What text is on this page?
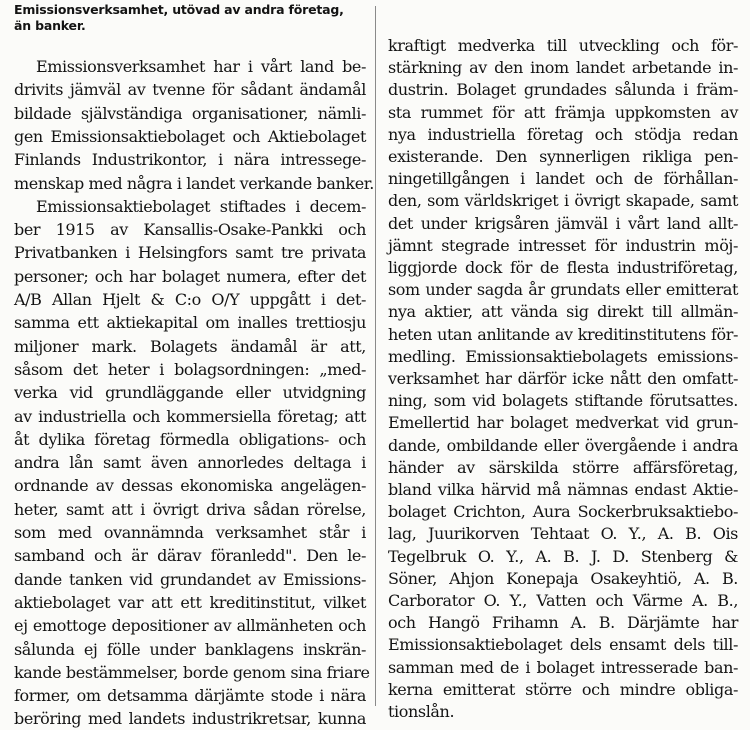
Emissionsverksamhet, utövad av andra företag,
än banker.
Emissionsverksamhet har i vårt land be-
drivits jämväl av tvenne för sådant ändamål
bildade självständiga organisationer, nämli-
gen Emissionsaktiebolaget och Aktiebolaget
Finlands Industrikontor, i nära intressege-
menskap med några i landet verkande banker.
Emissionsaktiebolaget stiftades i decem-
ber 1915 av Kansallis-Osake-Pankki och
Privatbanken i Helsingfors samt tre privata
personer; och har bolaget numera, efter det
A/B Allan Hjelt & C:o O/Y uppgått i det-
samma ett aktiekapital om inalles trettiosju
miljoner mark. Bolagets ändamål är att,
såsom det heter i bolagsordningen: „med-
verka vid grundläggande eller utvidgning
av industriella och kommersiella företag; att
åt dylika företag förmedla obligations- och
andra lån samt även annorledes deltaga i
ordnande av dessas ekonomiska angelägen-
heter, samt att i övrigt driva sådan rörelse,
som med ovannämnda verksamhet står i
samband och är därav föranledd". Den le-
dande tanken vid grundandet av Emissions-
aktiebolaget var att ett kreditinstitut, vilket
ej emottoge depositioner av allmänheten och
sålunda ej fölle under banklagens inskrän-
kande bestämmelser, borde genom sina friare
former, om detsamma därjämte stode i nära
beröring med landets industrikretsar, kunna
kraftigt medverka till utveckling och för-
stärkning av den inom landet arbetande in-
dustrin. Bolaget grundades sålunda i främ-
sta rummet för att främja uppkomsten av
nya industriella företag och stödja redan
existerande. Den synnerligen rikliga pen-
ningetillgången i landet och de förhållan-
den, som världskriget i övrigt skapade, samt
det under krigsåren jämväl i vårt land allt-
jämnt stegrade intresset för industrin möj-
liggjorde dock för de flesta industriföretag,
som under sagda år grundats eller emitterat
nya aktier, att vända sig direkt till allmän-
heten utan anlitande av kreditinstitutens för-
medling. Emissionsaktiebolagets emissions-
verksamhet har därför icke nått den omfatt-
ning, som vid bolagets stiftande förutsattes.
Emellertid har bolaget medverkat vid grun-
dande, ombildande eller övergående i andra
händer av särskilda större affärsföretag,
bland vilka härvid må nämnas endast Aktie-
bolaget Crichton, Aura Sockerbruksaktiebo-
lag, Juurikorven Tehtaat O. Y., A. B. Ois
Tegelbruk O. Y., A. B. J. D. Stenberg &
Söner, Ahjon Konepaja Osakeyhtiö, A. B.
Carborator O. Y., Vatten och Värme A. B.,
och Hangö Frihamn A. B. Därjämte har
Emissionsaktiebolaget dels ensamt dels till-
samman med de i bolaget intresserade ban-
kerna emitterat större och mindre obliga-
tionslån.
